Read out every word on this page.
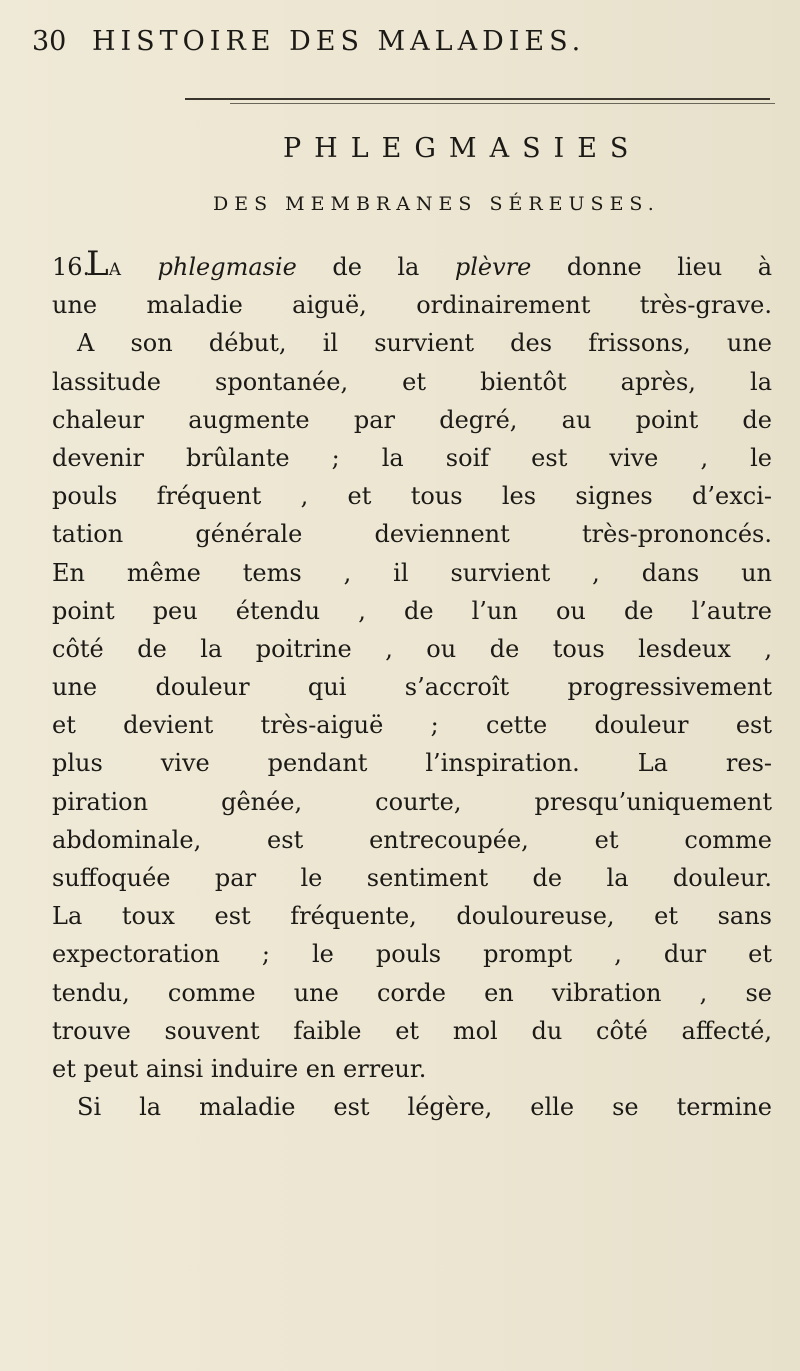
30 HISTOIRE DES MALADIES.
PHLEGMASIES
DES MEMBRANES SÉREUSES.
16.LA phlegmasie de la plèvre donne lieu à
une maladie aiguë, ordinairement très-grave.
A son début, il survient des frissons, une
lassitude spontanée, et bientôt après, la
chaleur augmente par degré, au point de
devenir brûlante ; la soif est vive , le
pouls fréquent , et tous les signes d’exci-
tation générale deviennent très-prononcés.
En même tems , il survient , dans un
point peu étendu , de l’un ou de l’autre
côté de la poitrine , ou de tous lesdeux ,
une douleur qui s’accroît progressivement
et devient très-aiguë ; cette douleur est
plus vive pendant l’inspiration. La res-
piration gênée, courte, presqu’uniquement
abdominale, est entrecoupée, et comme
suffoquée par le sentiment de la douleur.
La toux est fréquente, douloureuse, et sans
expectoration ; le pouls prompt , dur et
tendu, comme une corde en vibration , se
trouve souvent faible et mol du côté affecté,
et peut ainsi induire en erreur.
Si la maladie est légère, elle se termine
